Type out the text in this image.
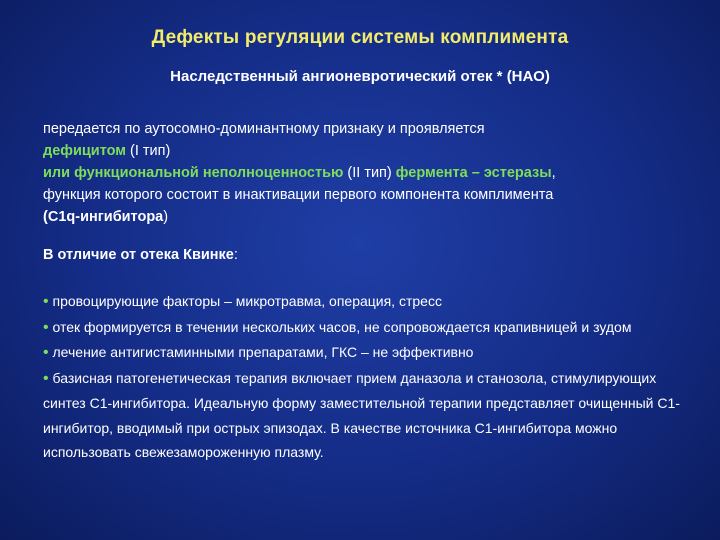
Дефекты регуляции системы комплимента
Наследственный ангионевротический отек * (НАО)
передается по аутосомно-доминантному признаку и проявляется
дефицитом (I тип)
или функциональной неполноценностью (II тип) фермента – эстеразы,
функция которого состоит в инактивации первого компонента комплимента
(С1q-ингибитора)
В отличие от отека Квинке:

• провоцирующие факторы – микротравма, операция, стресс

• отек формируется в течении нескольких часов, не сопровождается крапивницей и зудом

• лечение антигистаминными препаратами, ГКС – не эффективно

• базисная патогенетическая терапия включает прием даназола и станозола, стимулирующих синтез С1-ингибитора. Идеальную форму заместительной терапии представляет очищенный С1-ингибитор, вводимый при острых эпизодах. В качестве источника С1-ингибитора можно использовать свежезамороженную плазму.
